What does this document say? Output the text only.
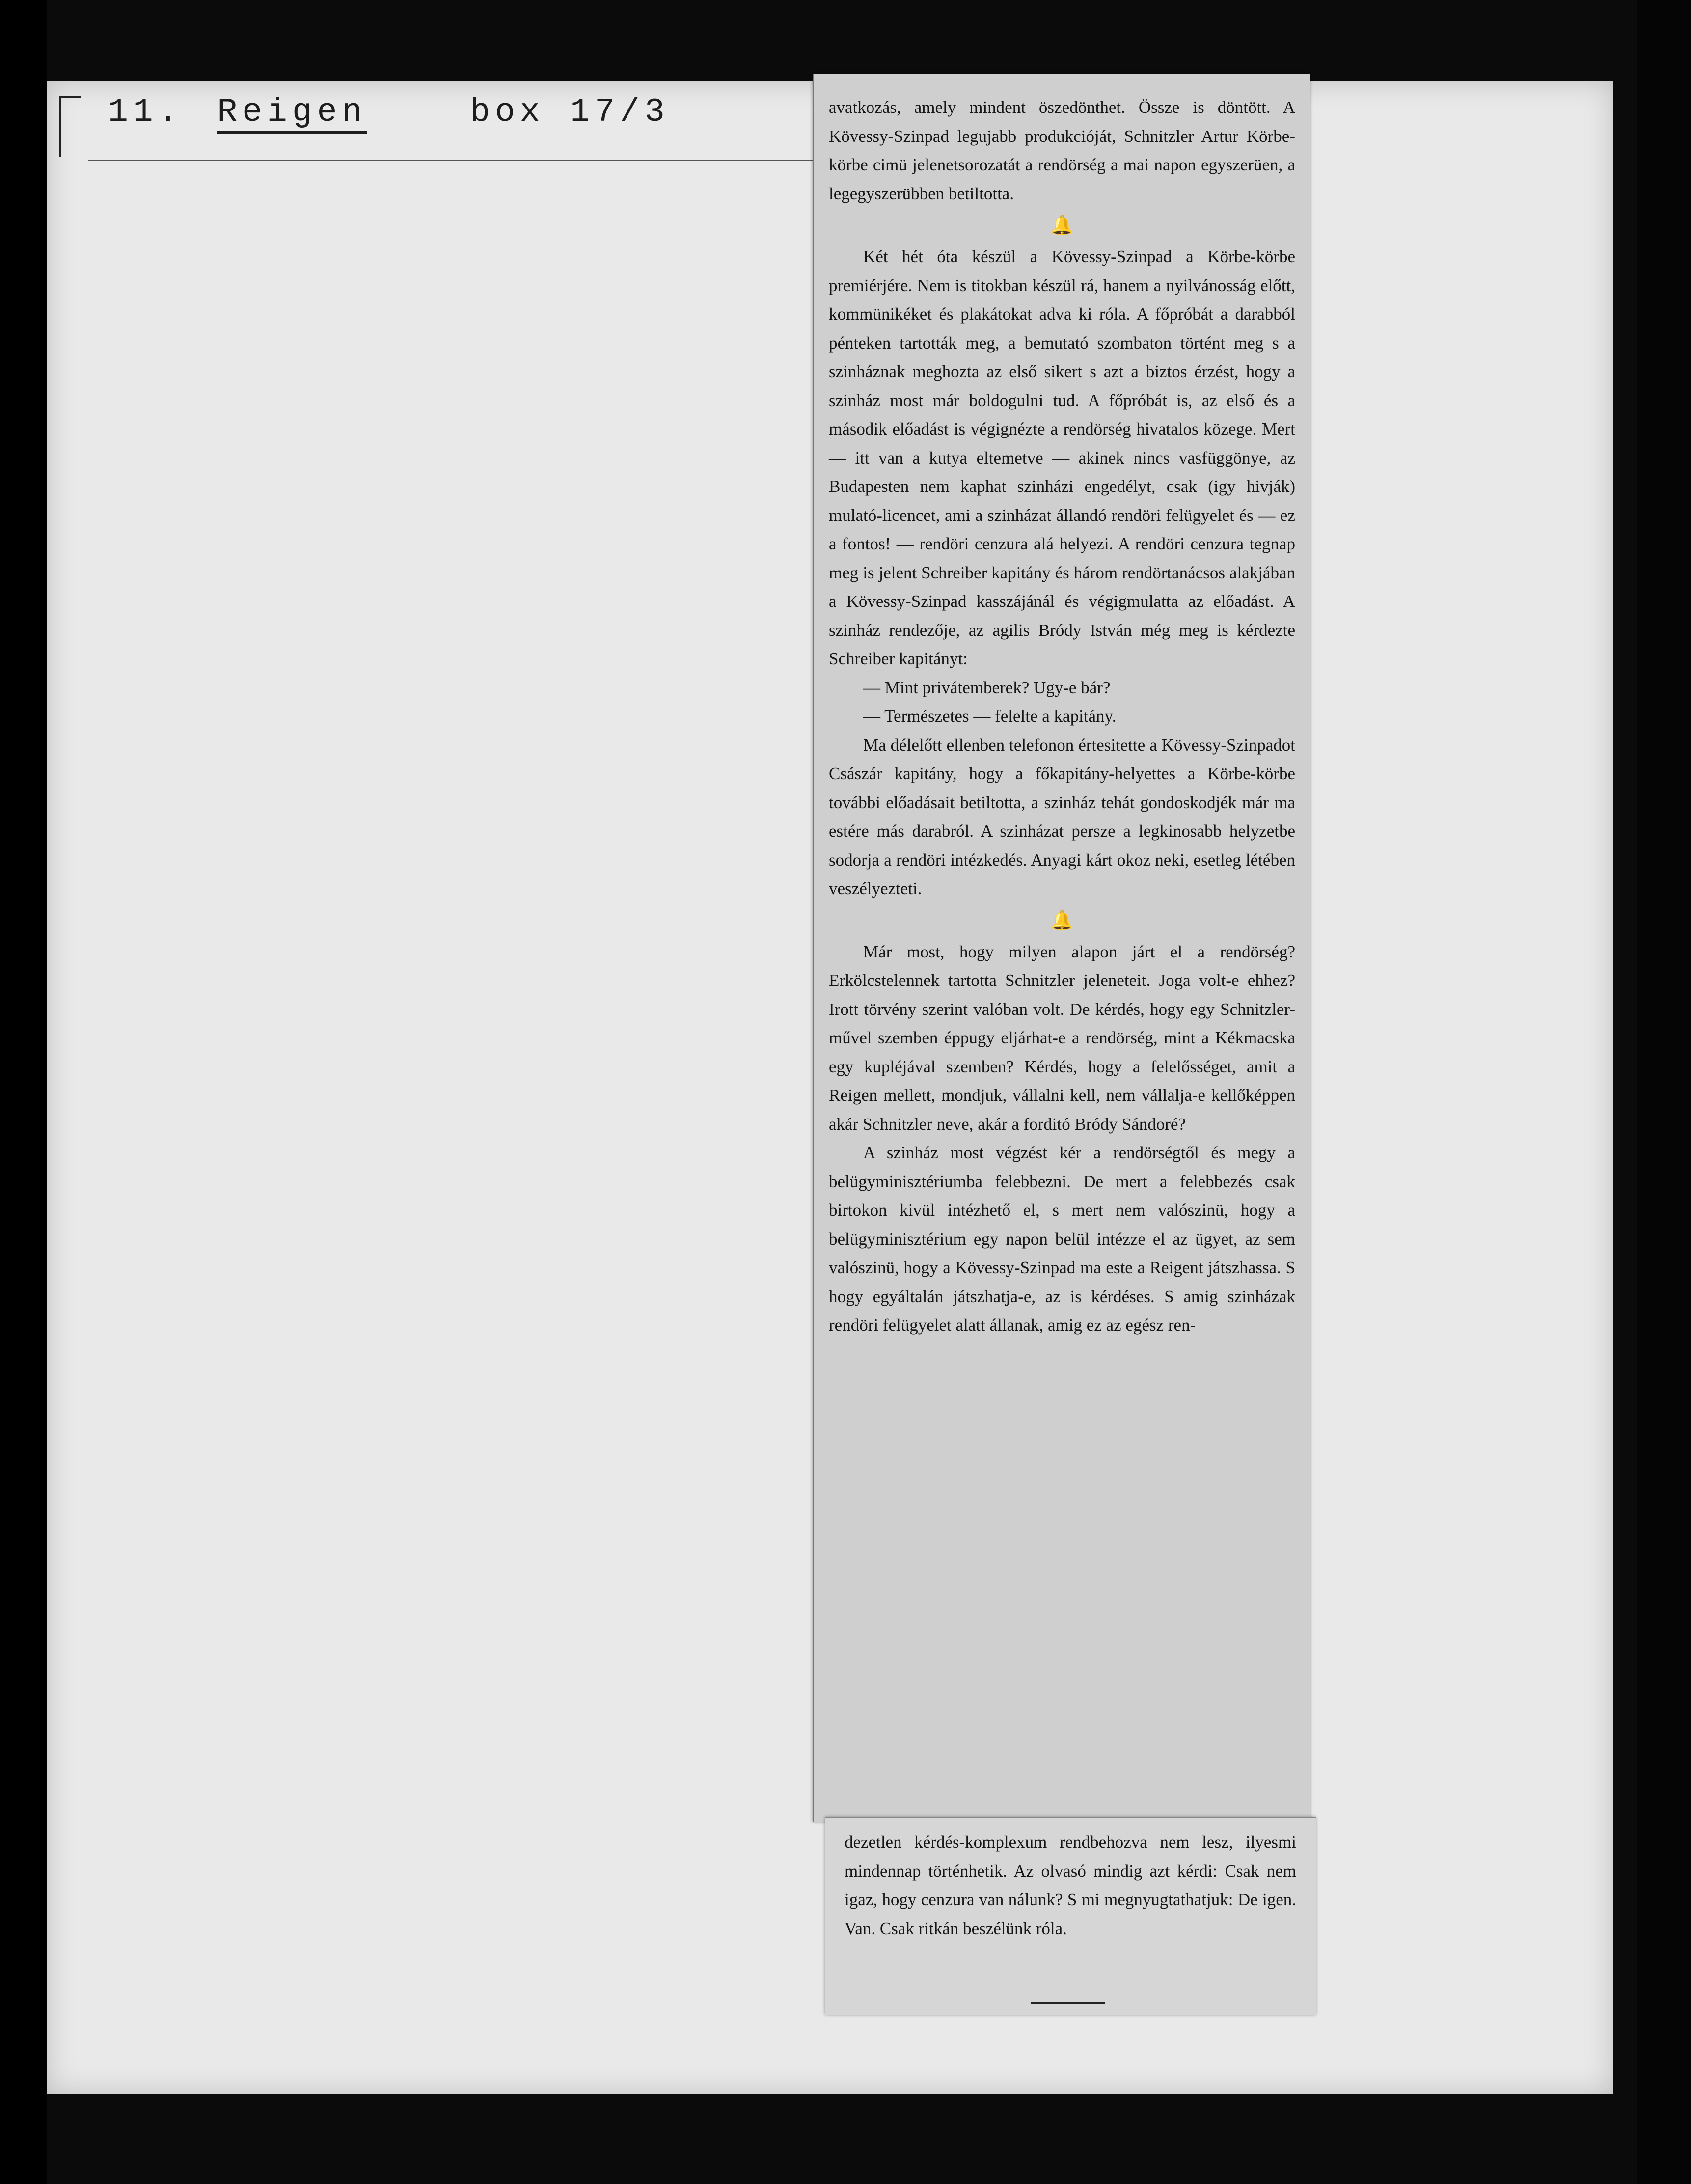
11. Reigen	box 17/3	avatkozás, amely mindent öszedönthet. Össze is döntött. A Kövessy-Szinpad legujabb produkcióját, Schnitzler Artur Körbe-körbe cimü jelenetsorozatát a rendörség a mai napon egyszerüen, a legegyszerübben betiltotta.

🔔

Két hét óta készül a Kövessy-Szinpad a Körbe-körbe premiérjére. Nem is titokban készül rá, hanem a nyilvánosság előtt, kommünikéket és plakátokat adva ki róla. A főpróbát a darabból pénteken tartották meg, a bemutató szombaton történt meg s a szinháznak meghozta az első sikert s azt a biztos érzést, hogy a szinház most már boldogulni tud. A főpróbát is, az első és a második előadást is végignézte a rendörség hivatalos közege. Mert — itt van a kutya eltemetve — akinek nincs vasfüggönye, az Budapesten nem kaphat szinházi engedélyt, csak (igy hivják) mulató-licencet, ami a szinházat állandó rendöri felügyelet és — ez a fontos! — rendöri cenzura alá helyezi. A rendöri cenzura tegnap meg is jelent Schreiber kapitány és három rendörtanácsos alakjában a Kövessy-Szinpad kasszájánál és végigmulatta az előadást. A szinház rendezője, az agilis Bródy István még meg is kérdezte Schreiber kapitányt:

— Mint privátemberek? Ugy-e bár?

— Természetes — felelte a kapitány.

Ma délelőtt ellenben telefonon értesitette a Kövessy-Szinpadot Császár kapitány, hogy a főkapitány-helyettes a Körbe-körbe további előadásait betiltotta, a szinház tehát gondoskodjék már ma estére más darabról. A szinházat persze a legkinosabb helyzetbe sodorja a rendöri intézkedés. Anyagi kárt okoz neki, esetleg létében veszélyezteti.

🔔

Már most, hogy milyen alapon járt el a rendörség? Erkölcstelennek tartotta Schnitzler jeleneteit. Joga volt-e ehhez? Irott törvény szerint valóban volt. De kérdés, hogy egy Schnitzler-művel szemben éppugy eljárhat-e a rendörség, mint a Kékmacska egy kupléjával szemben? Kérdés, hogy a felelősséget, amit a Reigen mellett, mondjuk, vállalni kell, nem vállalja-e kellőképpen akár Schnitzler neve, akár a forditó Bródy Sándoré?

A szinház most végzést kér a rendörségtől és megy a belügyminisztériumba felebbezni. De mert a felebbezés csak birtokon kivül intézhető el, s mert nem valószinü, hogy a belügyminisztérium egy napon belül intézze el az ügyet, az sem valószinü, hogy a Kövessy-Szinpad ma este a Reigent játszhassa. S hogy egyáltalán játszhatja-e, az is kérdéses. S amig szinházak rendöri felügyelet alatt állanak, amig ez az egész ren-

dezetlen kérdés-komplexum rendbehozva nem lesz, ilyesmi mindennap történhetik. Az olvasó mindig azt kérdi: Csak nem igaz, hogy cenzura van nálunk? S mi megnyugtathatjuk: De igen. Van. Csak ritkán beszélünk róla.
